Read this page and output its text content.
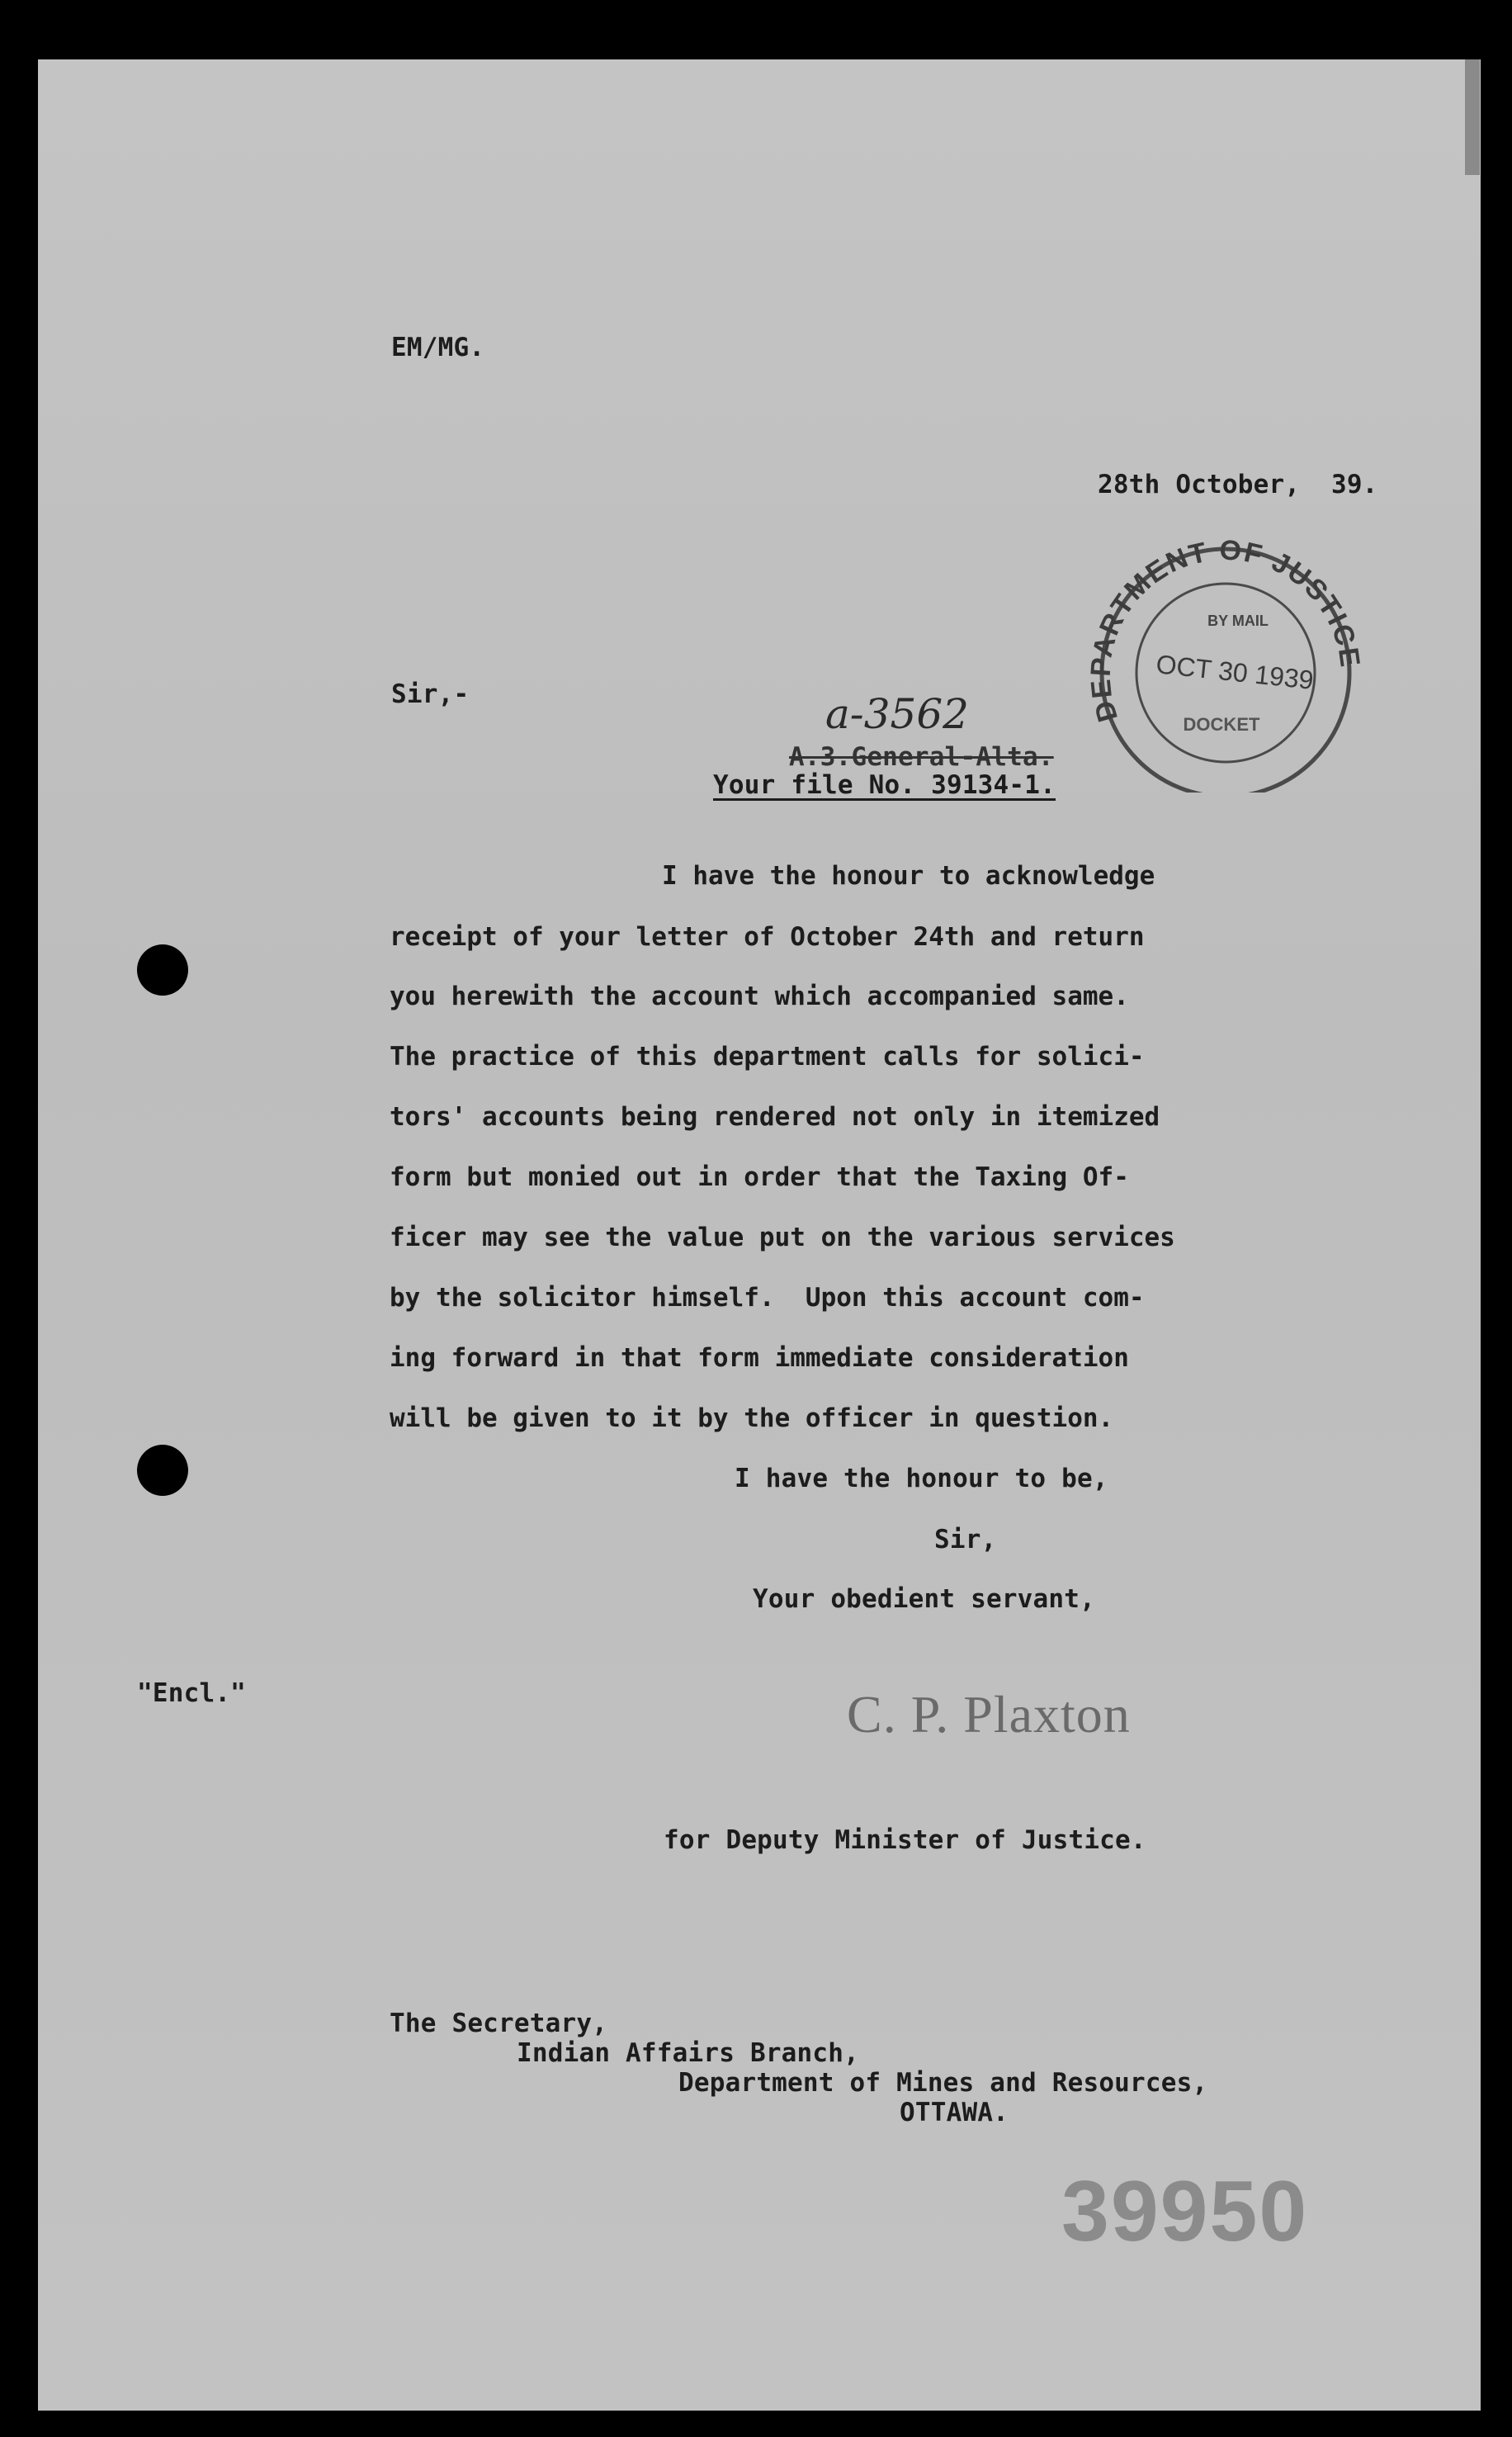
EM/MG.
28th October,  39.
Sir,-	a-3562
A.3.General-Alta.
Your file No. 39134-1.
DEPARTMENT OF JUSTICE
BY MAIL
OCT 30 1939
DOCKET
I have the honour to acknowledge
receipt of your letter of October 24th and return
you herewith the account which accompanied same.
The practice of this department calls for solici-
tors' accounts being rendered not only in itemized
form but monied out in order that the Taxing Of-
ficer may see the value put on the various services
by the solicitor himself.  Upon this account com-
ing forward in that form immediate consideration
will be given to it by the officer in question.
I have the honour to be,
Sir,
Your obedient servant,
"Encl."	C. P. Plaxton
for Deputy Minister of Justice.
The Secretary,
Indian Affairs Branch,
Department of Mines and Resources,
OTTAWA.
39950
